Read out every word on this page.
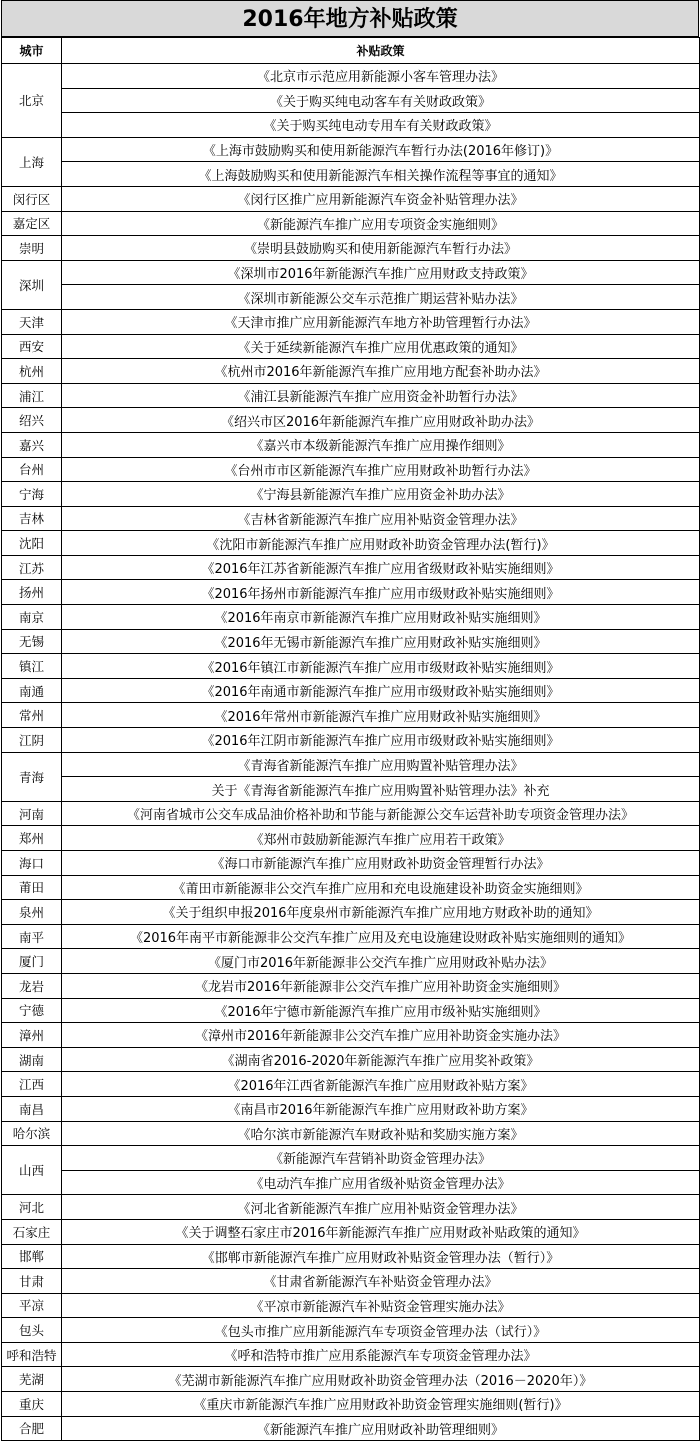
2016年地方补贴政策
城市	补贴政策
北京	《北京市示范应用新能源小客车管理办法》
	《关于购买纯电动客车有关财政政策》
	《关于购买纯电动专用车有关财政政策》
上海	《上海市鼓励购买和使用新能源汽车暂行办法(2016年修订)》
	《上海鼓励购买和使用新能源汽车相关操作流程等事宜的通知》
闵行区	《闵行区推广应用新能源汽车资金补贴管理办法》
嘉定区	《新能源汽车推广应用专项资金实施细则》
崇明	《崇明县鼓励购买和使用新能源汽车暂行办法》
深圳	《深圳市2016年新能源汽车推广应用财政支持政策》
	《深圳市新能源公交车示范推广期运营补贴办法》
天津	《天津市推广应用新能源汽车地方补助管理暂行办法》
西安	《关于延续新能源汽车推广应用优惠政策的通知》
杭州	《杭州市2016年新能源汽车推广应用地方配套补助办法》
浦江	《浦江县新能源汽车推广应用资金补助暂行办法》
绍兴	《绍兴市区2016年新能源汽车推广应用财政补助办法》
嘉兴	《嘉兴市本级新能源汽车推广应用操作细则》
台州	《台州市市区新能源汽车推广应用财政补助暂行办法》
宁海	《宁海县新能源汽车推广应用资金补助办法》
吉林	《吉林省新能源汽车推广应用补贴资金管理办法》
沈阳	《沈阳市新能源汽车推广应用财政补助资金管理办法(暂行)》
江苏	《2016年江苏省新能源汽车推广应用省级财政补贴实施细则》
扬州	《2016年扬州市新能源汽车推广应用市级财政补贴实施细则》
南京	《2016年南京市新能源汽车推广应用财政补贴实施细则》
无锡	《2016年无锡市新能源汽车推广应用财政补贴实施细则》
镇江	《2016年镇江市新能源汽车推广应用市级财政补贴实施细则》
南通	《2016年南通市新能源汽车推广应用市级财政补贴实施细则》
常州	《2016年常州市新能源汽车推广应用财政补贴实施细则》
江阴	《2016年江阴市新能源汽车推广应用市级财政补贴实施细则》
青海	《青海省新能源汽车推广应用购置补贴管理办法》
	关于《青海省新能源汽车推广应用购置补贴管理办法》补充
河南	《河南省城市公交车成品油价格补助和节能与新能源公交车运营补助专项资金管理办法》
郑州	《郑州市鼓励新能源汽车推广应用若干政策》
海口	《海口市新能源汽车推广应用财政补助资金管理暂行办法》
莆田	《莆田市新能源非公交汽车推广应用和充电设施建设补助资金实施细则》
泉州	《关于组织申报2016年度泉州市新能源汽车推广应用地方财政补助的通知》
南平	《2016年南平市新能源非公交汽车推广应用及充电设施建设财政补贴实施细则的通知》
厦门	《厦门市2016年新能源非公交汽车推广应用财政补贴办法》
龙岩	《龙岩市2016年新能源非公交汽车推广应用补助资金实施细则》
宁德	《2016年宁德市新能源汽车推广应用市级补贴实施细则》
漳州	《漳州市2016年新能源非公交汽车推广应用补助资金实施办法》
湖南	《湖南省2016-2020年新能源汽车推广应用奖补政策》
江西	《2016年江西省新能源汽车推广应用财政补贴方案》
南昌	《南昌市2016年新能源汽车推广应用财政补助方案》
哈尔滨	《哈尔滨市新能源汽车财政补贴和奖励实施方案》
山西	《新能源汽车营销补助资金管理办法》
	《电动汽车推广应用省级补贴资金管理办法》
河北	《河北省新能源汽车推广应用补贴资金管理办法》
石家庄	《关于调整石家庄市2016年新能源汽车推广应用财政补贴政策的通知》
邯郸	《邯郸市新能源汽车推广应用财政补贴资金管理办法（暂行）》
甘肃	《甘肃省新能源汽车补贴资金管理办法》
平凉	《平凉市新能源汽车补贴资金管理实施办法》
包头	《包头市推广应用新能源汽车专项资金管理办法（试行）》
呼和浩特	《呼和浩特市推广应用系能源汽车专项资金管理办法》
芜湖	《芜湖市新能源汽车推广应用财政补助资金管理办法（2016－2020年）》
重庆	《重庆市新能源汽车推广应用财政补助资金管理实施细则(暂行)》
合肥	《新能源汽车推广应用财政补助管理细则》
